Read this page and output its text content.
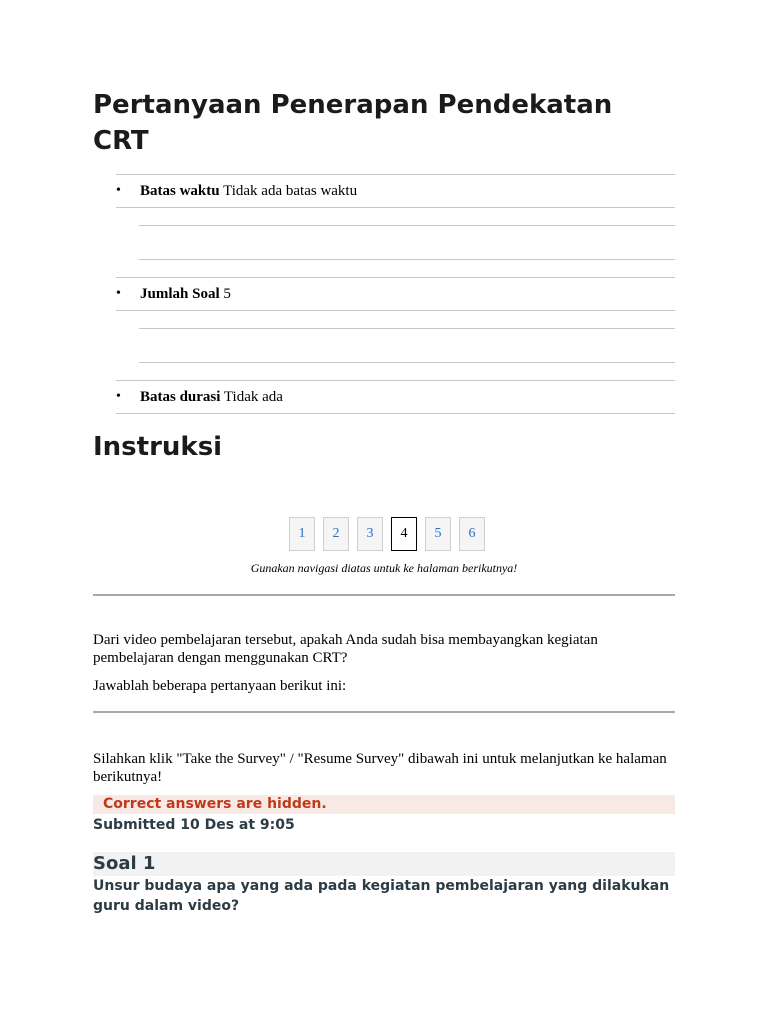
Pertanyaan Penerapan Pendekatan CRT
• Batas waktu Tidak ada batas waktu
• Jumlah Soal 5
• Batas durasi Tidak ada
Instruksi
1	2	3	4	5	6
Gunakan navigasi diatas untuk ke halaman berikutnya!

Dari video pembelajaran tersebut, apakah Anda sudah bisa membayangkan kegiatan pembelajaran dengan menggunakan CRT?

Jawablah beberapa pertanyaan berikut ini:

Silahkan klik "Take the Survey" / "Resume Survey" dibawah ini untuk melanjutkan ke halaman berikutnya!

Correct answers are hidden.
Submitted 10 Des at 9:05
Soal 1

Unsur budaya apa yang ada pada kegiatan pembelajaran yang dilakukan guru dalam video?
